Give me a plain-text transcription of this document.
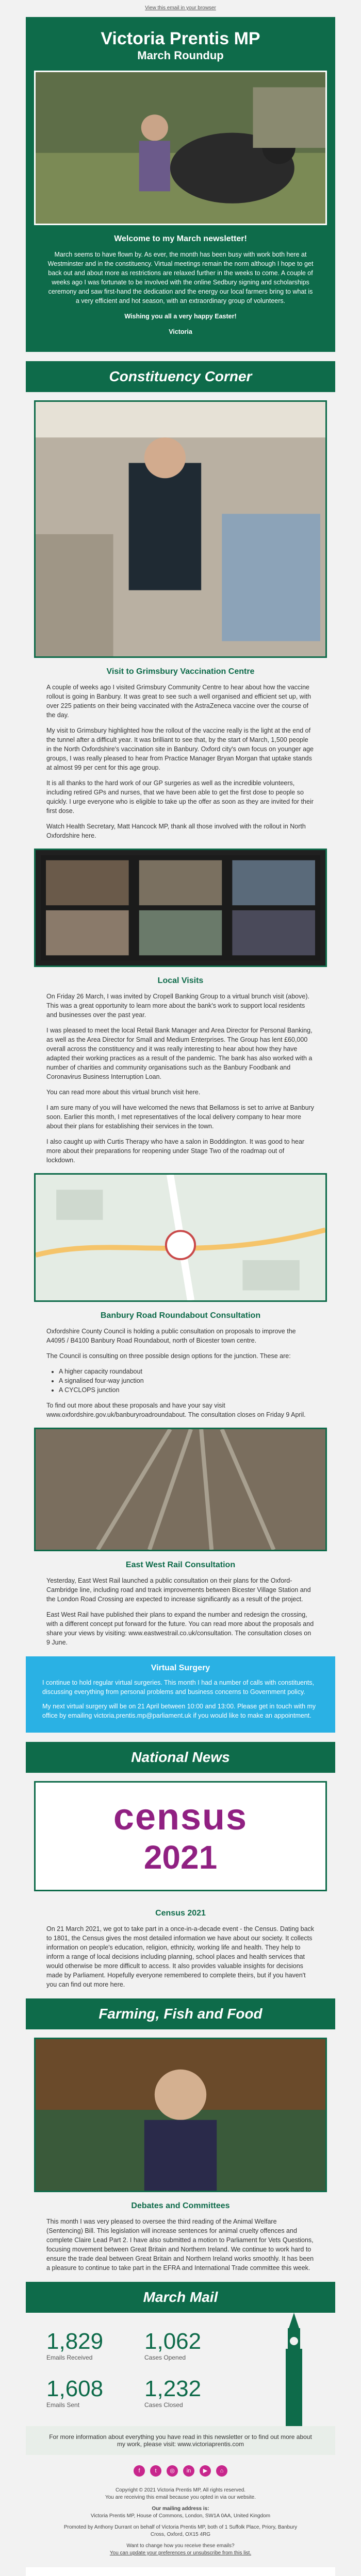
View this email in your browser
Victoria Prentis MP
March Roundup
Welcome to my March newsletter!

March seems to have flown by. As ever, the month has been busy with work both here at Westminster and in the constituency. Virtual meetings remain the norm although I hope to get back out and about more as restrictions are relaxed further in the weeks to come. A couple of weeks ago I was fortunate to be involved with the online Sedbury signing and scholarships ceremony and saw first-hand the dedication and the energy our local farmers bring to what is a very efficient and hot season, with an extraordinary group of volunteers.

Wishing you all a very happy Easter!

Victoria

Constituency Corner
Visit to Grimsbury Vaccination Centre

A couple of weeks ago I visited Grimsbury Community Centre to hear about how the vaccine rollout is going in Banbury. It was great to see such a well organised and efficient set up, with over 225 patients on their being vaccinated with the AstraZeneca vaccine over the course of the day.

My visit to Grimsbury highlighted how the rollout of the vaccine really is the light at the end of the tunnel after a difficult year. It was brilliant to see that, by the start of March, 1,500 people in the North Oxfordshire's vaccination site in Banbury. Oxford city's own focus on younger age groups, I was really pleased to hear from Practice Manager Bryan Morgan that uptake stands at almost 99 per cent for this age group.

It is all thanks to the hard work of our GP surgeries as well as the incredible volunteers, including retired GPs and nurses, that we have been able to get the first dose to people so quickly. I urge everyone who is eligible to take up the offer as soon as they are invited for their first dose.

Watch Health Secretary, Matt Hancock MP, thank all those involved with the rollout in North Oxfordshire here.

Local Visits

On Friday 26 March, I was invited by Cropell Banking Group to a virtual brunch visit (above). This was a great opportunity to learn more about the bank's work to support local residents and businesses over the past year.

I was pleased to meet the local Retail Bank Manager and Area Director for Personal Banking, as well as the Area Director for Small and Medium Enterprises. The Group has lent £60,000 overall across the constituency and it was really interesting to hear about how they have adapted their working practices as a result of the pandemic. The bank has also worked with a number of charities and community organisations such as the Banbury Foodbank and Coronavirus Business Interruption Loan.

You can read more about this virtual brunch visit here.

I am sure many of you will have welcomed the news that Bellamoss is set to arrive at Banbury soon. Earlier this month, I met representatives of the local delivery company to hear more about their plans for establishing their services in the town.

I also caught up with Curtis Therapy who have a salon in Bodddington. It was good to hear more about their preparations for reopening under Stage Two of the roadmap out of lockdown.

Banbury Road Roundabout Consultation

Oxfordshire County Council is holding a public consultation on proposals to improve the A4095 / B4100 Banbury Road Roundabout, north of Bicester town centre.

The Council is consulting on three possible design options for the junction. These are:

• A higher capacity roundabout
• A signalised four-way junction
• A CYCLOPS junction

To find out more about these proposals and have your say visit www.oxfordshire.gov.uk/banburyroadroundabout. The consultation closes on Friday 9 April.

East West Rail Consultation

Yesterday, East West Rail launched a public consultation on their plans for the Oxford-Cambridge line, including road and track improvements between Bicester Village Station and the London Road Crossing are expected to increase significantly as a result of the project.

East West Rail have published their plans to expand the number and redesign the crossing, with a different concept put forward for the future. You can read more about the proposals and share your views by visiting: www.eastwestrail.co.uk/consultation. The consultation closes on 9 June.

Virtual Surgery

I continue to hold regular virtual surgeries. This month I had a number of calls with constituents, discussing everything from personal problems and business concerns to Government policy.

My next virtual surgery will be on 21 April between 10:00 and 13:00. Please get in touch with my office by emailing victoria.prentis.mp@parliament.uk if you would like to make an appointment.

National News
census
2021
Census 2021

On 21 March 2021, we got to take part in a once-in-a-decade event - the Census. Dating back to 1801, the Census gives the most detailed information we have about our society. It collects information on people's education, religion, ethnicity, working life and health. They help to inform a range of local decisions including planning, school places and health services that would otherwise be more difficult to access. It also provides valuable insights for decisions made by Parliament. Hopefully everyone remembered to complete theirs, but if you haven't you can find out more here.

Farming, Fish and Food
Debates and Committees

This month I was very pleased to oversee the third reading of the Animal Welfare (Sentencing) Bill. This legislation will increase sentences for animal cruelty offences and complete Claire Lead Part 2. I have also submitted a motion to Parliament for Vets Questions, focusing movement between Great Britain and Northern Ireland. We continue to work hard to ensure the trade deal between Great Britain and Northern Ireland works smoothly. It has been a pleasure to continue to take part in the EFRA and International Trade committee this week.

March Mail
1,829
Emails Received
1,062
Cases Opened
1,608
Emails Sent
1,232
Cases Closed
For more information about everything you have read in this newsletter or to find out more about my work, please visit: www.victoriaprentis.com
f	t	◎	in	▶	⌂

Copyright © 2021 Victoria Prentis MP, All rights reserved.

You are receiving this email because you opted in via our website.

Our mailing address is:

Victoria Prentis MP, House of Commons, London, SW1A 0AA, United Kingdom

Promoted by Anthony Durrant on behalf of Victoria Prentis MP, both of 1 Suffolk Place, Priory, Banbury Cross, Oxford, OX15 4RG

Want to change how you receive these emails?

You can update your preferences or unsubscribe from this list.
